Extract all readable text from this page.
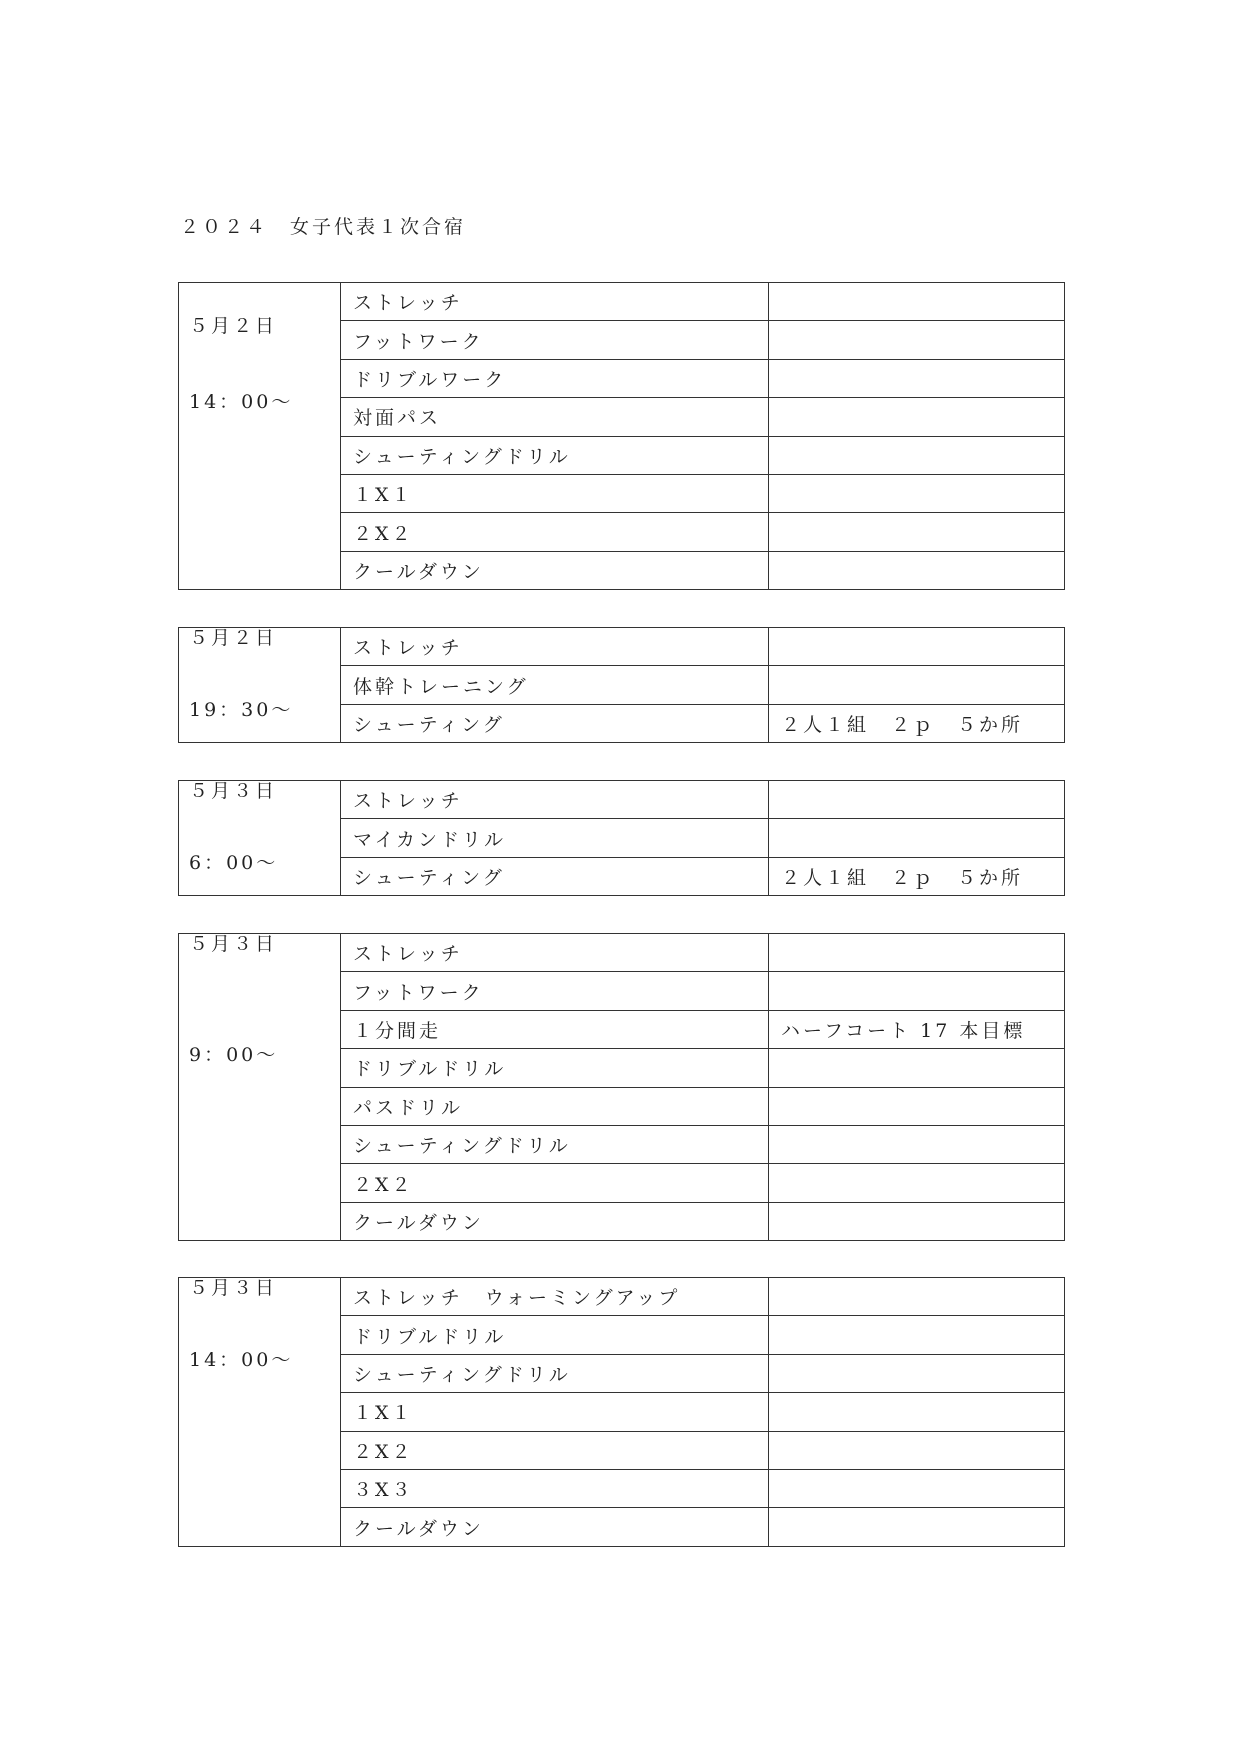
２０２４　女子代表１次合宿
５月２日
14：00〜	ストレッチ	
	フットワーク	
	ドリブルワーク	
	対面パス	
	シューティングドリル	
	１X１	
	２X２	
	クールダウン	
５月２日
19：30〜	ストレッチ	
	体幹トレーニング	
	シューティング	２人１組　２ｐ　５か所
５月３日
6：00〜	ストレッチ	
	マイカンドリル	
	シューティング	２人１組　２ｐ　５か所
５月３日
9：00〜	ストレッチ	
	フットワーク	
	１分間走	ハーフコート 17 本目標
	ドリブルドリル	
	パスドリル	
	シューティングドリル	
	２X２	
	クールダウン	
５月３日
14：00〜	ストレッチ　ウォーミングアップ	
	ドリブルドリル	
	シューティングドリル	
	１X１	
	２X２	
	３X３	
	クールダウン	
